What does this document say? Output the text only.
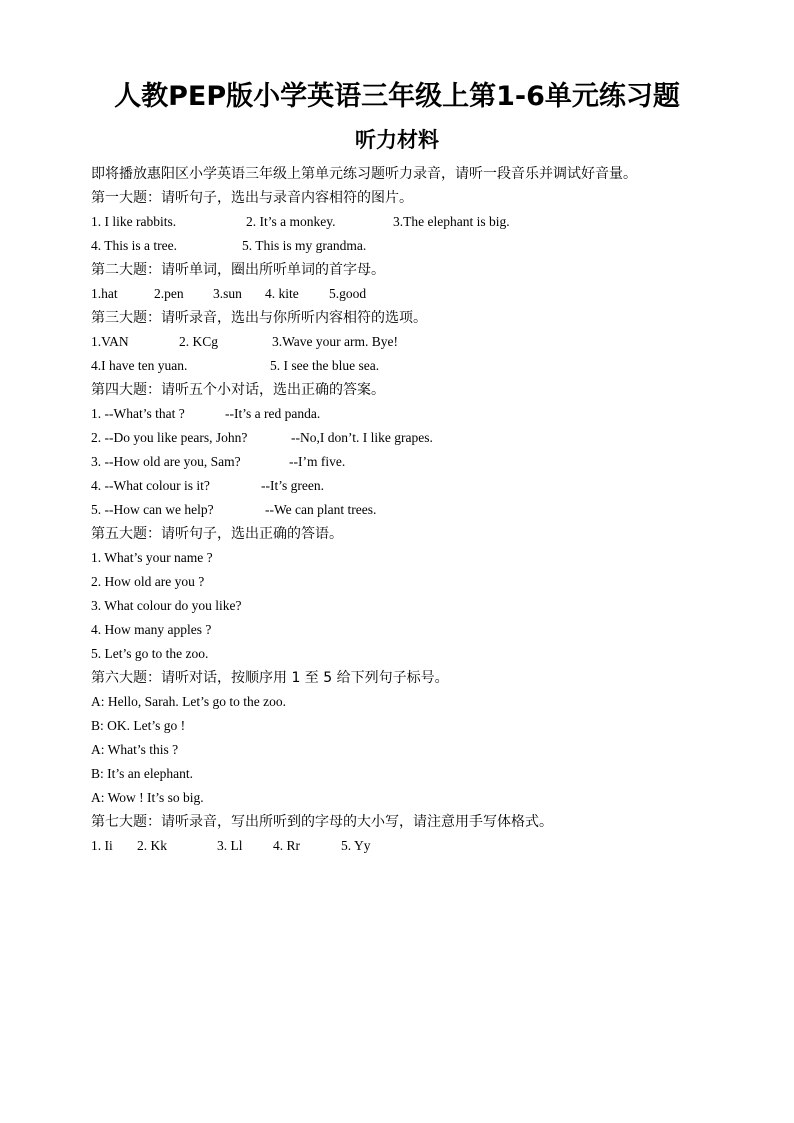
人教PEP版小学英语三年级上第1-6单元练习题
听力材料
即将播放惠阳区小学英语三年级上第单元练习题听力录音，请听一段音乐并调试好音量。
第一大题：请听句子，选出与录音内容相符的图片。
1. I like rabbits.	2. It’s a monkey.	3.The elephant is big.
4. This is a tree.	5. This is my grandma.
第二大题：请听单词，圈出所听单词的首字母。
1.hat	2.pen 3.sun 4. kite 5.good
第三大题：请听录音，选出与你所听内容相符的选项。
1.VAN	2. KCg	3.Wave your arm. Bye!
4.I have ten yuan.	5. I see the blue sea.
第四大题：请听五个小对话，选出正确的答案。
1. --What’s that ?	--It’s a red panda.
2. --Do you like pears, John?	--No,I don’t. I like grapes.
3. --How old are you, Sam?	--I’m five.
4. --What colour is it?	--It’s green.
5. --How can we help?	--We can plant trees.
第五大题：请听句子，选出正确的答语。
1. What’s your name ?
2. How old are you ?
3. What colour do you like?
4. How many apples ?
5. Let’s go to the zoo.
第六大题：请听对话，按顺序用 1 至 5 给下列句子标号。
A: Hello, Sarah. Let’s go to the zoo.
B: OK. Let’s go !
A: What’s this ?
B: It’s an elephant.
A: Wow ! It’s so big.
第七大题：请听录音，写出所听到的字母的大小写，请注意用手写体格式。
1. Ii 2. Kk	3. Ll 4. Rr	5. Yy
